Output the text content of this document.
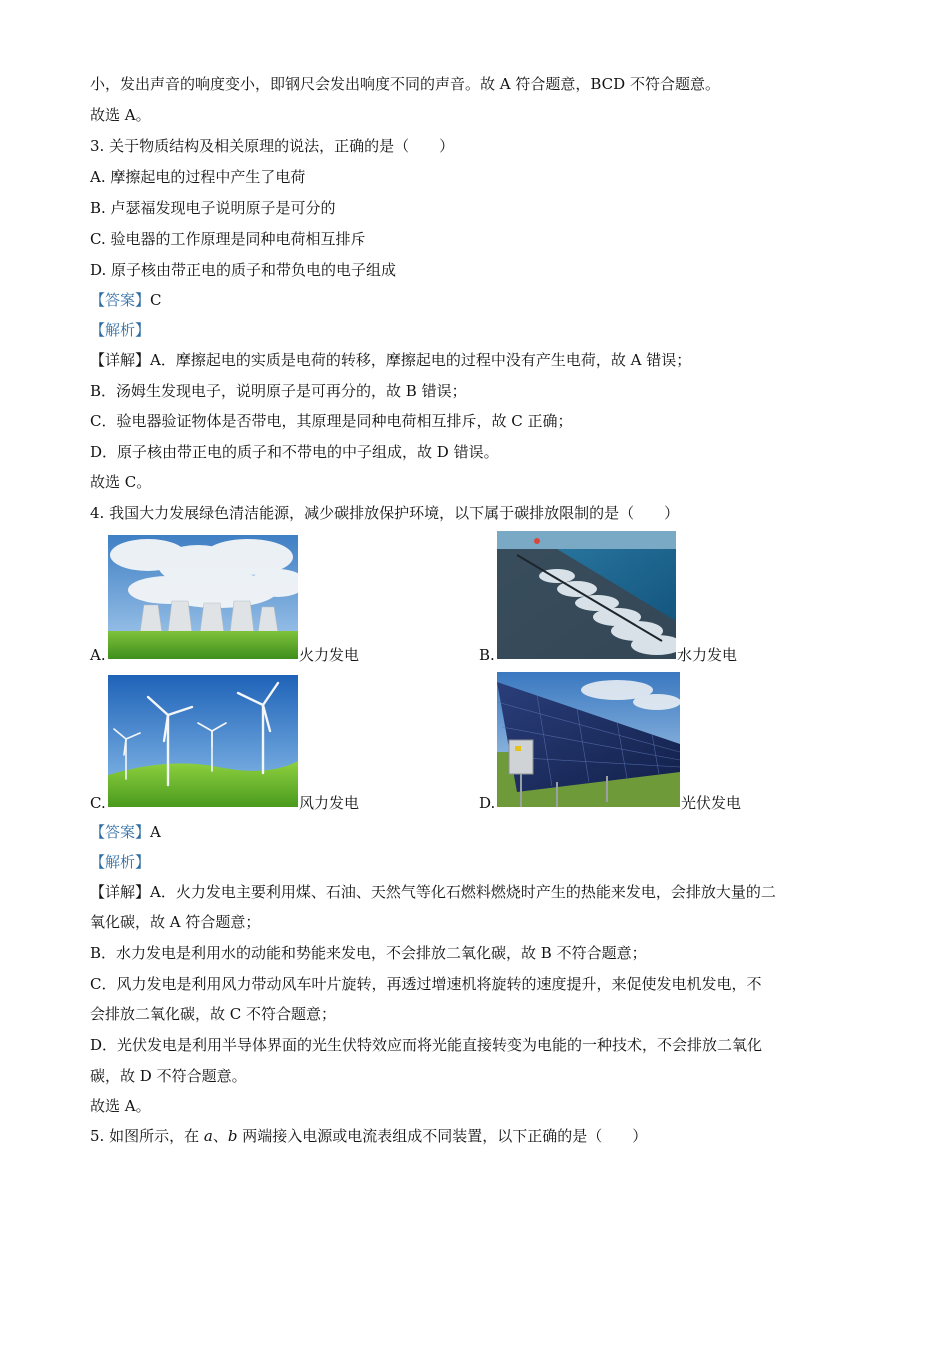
小，发出声音的响度变小，即钢尺会发出响度不同的声音。故 A 符合题意，BCD 不符合题意。
故选 A。
3. 关于物质结构及相关原理的说法，正确的是（　　）
A. 摩擦起电的过程中产生了电荷
B. 卢瑟福发现电子说明原子是可分的
C. 验电器的工作原理是同种电荷相互排斥
D. 原子核由带正电的质子和带负电的电子组成
【答案】C
【解析】
【详解】A．摩擦起电的实质是电荷的转移，摩擦起电的过程中没有产生电荷，故 A 错误；
B．汤姆生发现电子，说明原子是可再分的，故 B 错误；
C．验电器验证物体是否带电，其原理是同种电荷相互排斥，故 C 正确；
D．原子核由带正电的质子和不带电的中子组成，故 D 错误。
故选 C。
4. 我国大力发展绿色清洁能源，减少碳排放保护环境，以下属于碳排放限制的是（　　）
A.	火力发电	B.	水力发电
C.	风力发电	D.	光伏发电
【答案】A
【解析】
【详解】A．火力发电主要利用煤、石油、天然气等化石燃料燃烧时产生的热能来发电，会排放大量的二
氧化碳，故 A 符合题意；
B．水力发电是利用水的动能和势能来发电，不会排放二氧化碳，故 B 不符合题意；
C．风力发电是利用风力带动风车叶片旋转，再透过增速机将旋转的速度提升，来促使发电机发电，不
会排放二氧化碳，故 C 不符合题意；
D．光伏发电是利用半导体界面的光生伏特效应而将光能直接转变为电能的一种技术，不会排放二氧化
碳，故 D 不符合题意。
故选 A。
5. 如图所示，在 a、b 两端接入电源或电流表组成不同装置，以下正确的是（　　）
